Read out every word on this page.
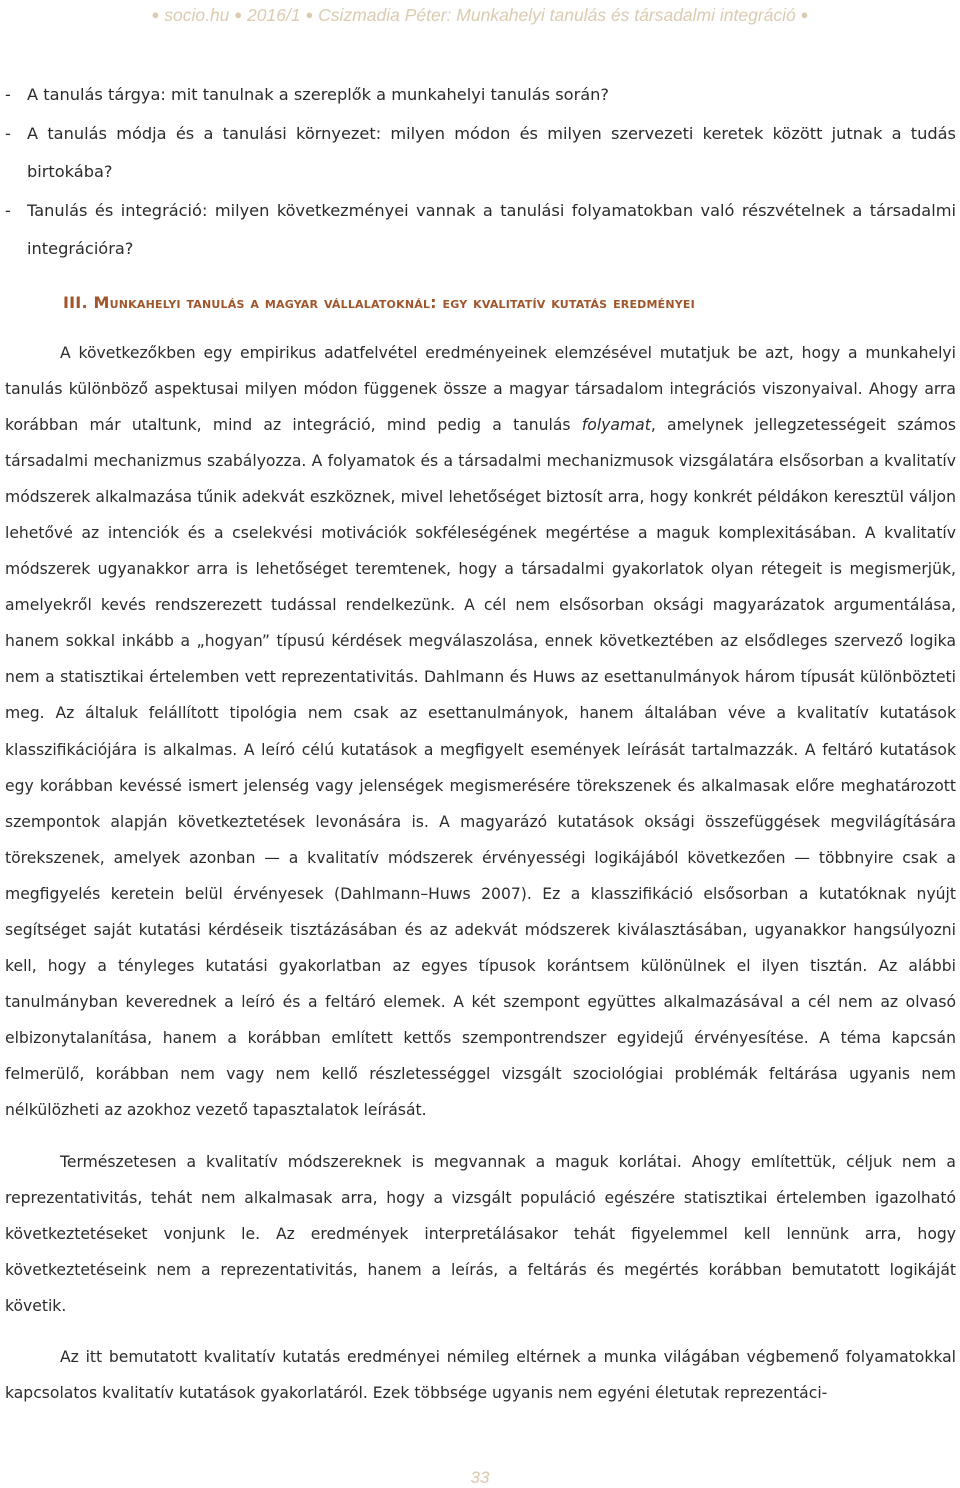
● socio.hu ● 2016/1 ● Csizmadia Péter: Munkahelyi tanulás és társadalmi integráció ●

- A tanulás tárgya: mit tanulnak a szereplők a munkahelyi tanulás során?

- A tanulás módja és a tanulási környezet: milyen módon és milyen szervezeti keretek között jutnak a tudás birtokába?

- Tanulás és integráció: milyen következményei vannak a tanulási folyamatokban való részvételnek a társadalmi integrációra?

III. Munkahelyi tanulás a magyar vállalatoknál: egy kvalitatív kutatás eredményei

A következőkben egy empirikus adatfelvétel eredményeinek elemzésével mutatjuk be azt, hogy a munkahelyi tanulás különböző aspektusai milyen módon függenek össze a magyar társadalom integrációs viszonyaival. Ahogy arra korábban már utaltunk, mind az integráció, mind pedig a tanulás folyamat, amelynek jellegzetességeit számos társadalmi mechanizmus szabályozza. A folyamatok és a társadalmi mechanizmusok vizsgálatára elsősorban a kvalitatív módszerek alkalmazása tűnik adekvát eszköznek, mivel lehetőséget biztosít arra, hogy konkrét példákon keresztül váljon lehetővé az intenciók és a cselekvési motivációk sokféleségének megértése a maguk komplexitásában. A kvalitatív módszerek ugyanakkor arra is lehetőséget teremtenek, hogy a társadalmi gyakorlatok olyan rétegeit is megismerjük, amelyekről kevés rendszerezett tudással rendelkezünk. A cél nem elsősorban oksági magyarázatok argumentálása, hanem sokkal inkább a „hogyan” típusú kérdések megválaszolása, ennek következtében az elsődleges szervező logika nem a statisztikai értelemben vett reprezentativitás. Dahlmann és Huws az esettanulmányok három típusát különbözteti meg. Az általuk felállított tipológia nem csak az esettanulmányok, hanem általában véve a kvalitatív kutatások klasszifikációjára is alkalmas. A leíró célú kutatások a megfigyelt események leírását tartalmazzák. A feltáró kutatások egy korábban kevéssé ismert jelenség vagy jelenségek megismerésére törekszenek és alkalmasak előre meghatározott szempontok alapján következtetések levonására is. A magyarázó kutatások oksági összefüggések megvilágítására törekszenek, amelyek azonban — a kvalitatív módszerek érvényességi logikájából következően — többnyire csak a megfigyelés keretein belül érvényesek (Dahlmann–Huws 2007). Ez a klasszifikáció elsősorban a kutatóknak nyújt segítséget saját kutatási kérdéseik tisztázásában és az adekvát módszerek kiválasztásában, ugyanakkor hangsúlyozni kell, hogy a tényleges kutatási gyakorlatban az egyes típusok korántsem különülnek el ilyen tisztán. Az alábbi tanulmányban keverednek a leíró és a feltáró elemek. A két szempont együttes alkalmazásával a cél nem az olvasó elbizonytalanítása, hanem a korábban említett kettős szempontrendszer egyidejű érvényesítése. A téma kapcsán felmerülő, korábban nem vagy nem kellő részletességgel vizsgált szociológiai problémák feltárása ugyanis nem nélkülözheti az azokhoz vezető tapasztalatok leírását.

Természetesen a kvalitatív módszereknek is megvannak a maguk korlátai. Ahogy említettük, céljuk nem a reprezentativitás, tehát nem alkalmasak arra, hogy a vizsgált populáció egészére statisztikai értelemben igazolható következtetéseket vonjunk le. Az eredmények interpretálásakor tehát figyelemmel kell lennünk arra, hogy következtetéseink nem a reprezentativitás, hanem a leírás, a feltárás és megértés korábban bemutatott logikáját követik.

Az itt bemutatott kvalitatív kutatás eredményei némileg eltérnek a munka világában végbemenő folyamatokkal kapcsolatos kvalitatív kutatások gyakorlatáról. Ezek többsége ugyanis nem egyéni életutak reprezentáci-

33
